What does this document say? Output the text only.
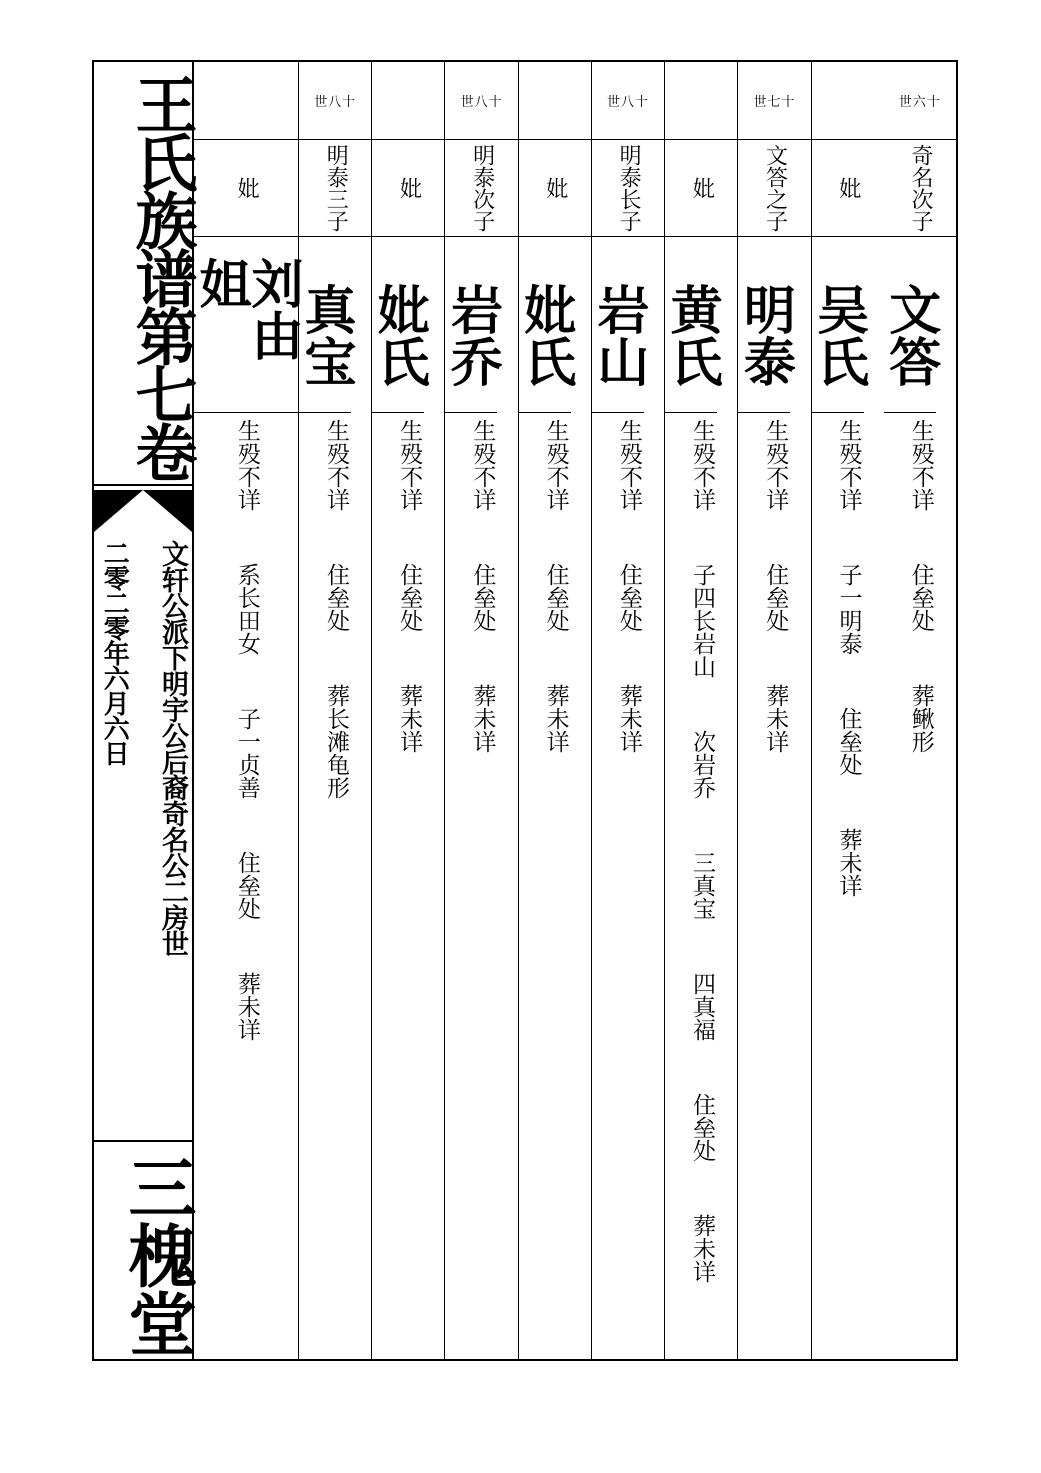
王氏族谱第七卷
文轩公派下明宇公后裔奇名公二房世
二零二零年六月六日
三槐堂
世六十
奇名次子
文答
生殁不详  住垒处  葬鳅形
妣
吴氏
生殁不详  子一明泰  住垒处  葬未详
世七十
文答之子
明泰
生殁不详  住垒处  葬未详
妣
黄氏
生殁不详  子四长岩山  次岩乔  三真宝  四真福  住垒处  葬未详
世八十
明泰长子
岩山
生殁不详  住垒处  葬未详
妣
妣氏
生殁不详  住垒处  葬未详
世八十
明泰次子
岩乔
生殁不详  住垒处  葬未详
妣
妣氏
生殁不详  住垒处  葬未详
世八十
明泰三子
真宝
生殁不详  住垒处  葬长滩龟形
妣
刘由姐
生殁不详  系长田女  子一贞善  住垒处  葬未详
